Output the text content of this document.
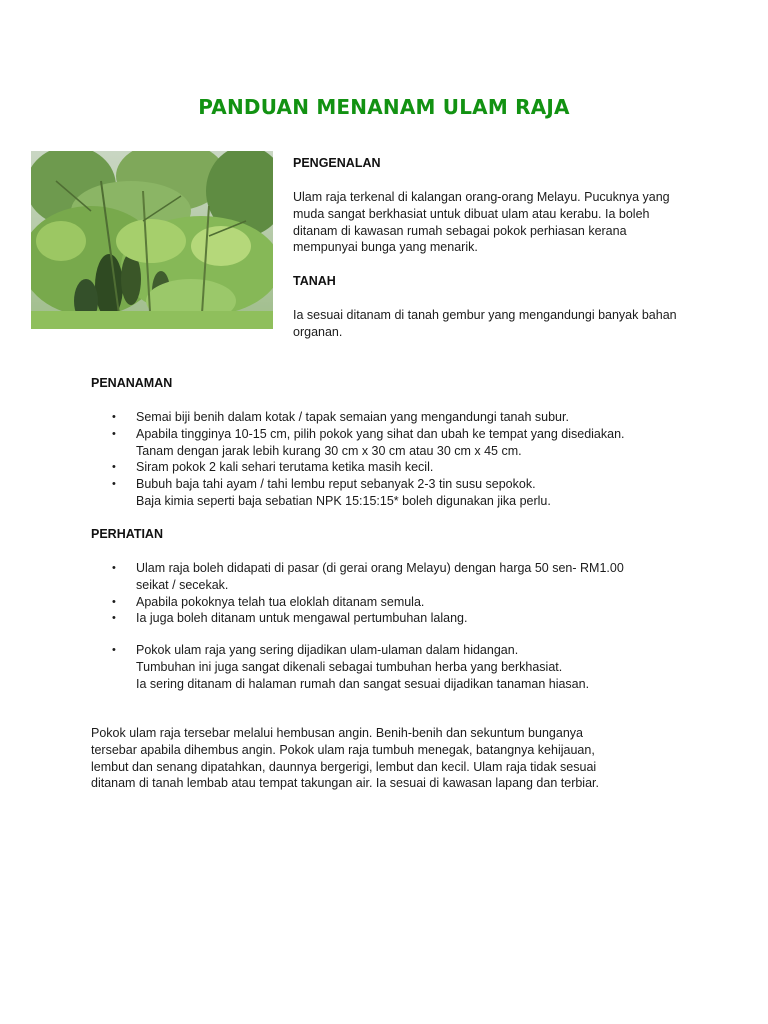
PANDUAN MENANAM ULAM RAJA

PENGENALAN

Ulam raja terkenal di kalangan orang-orang Melayu. Pucuknya yang
muda sangat berkhasiat untuk dibuat ulam atau kerabu. Ia boleh
ditanam di kawasan rumah sebagai pokok perhiasan kerana
mempunyai bunga yang menarik.

TANAH

Ia sesuai ditanam di tanah gembur yang mengandungi banyak bahan
organan.

PENANAMAN

• Semai biji benih dalam kotak / tapak semaian yang mengandungi tanah subur.
• Apabila tingginya 10-15 cm, pilih pokok yang sihat dan ubah ke tempat yang disediakan.
Tanam dengan jarak lebih kurang 30 cm x 30 cm atau 30 cm x 45 cm.
• Siram pokok 2 kali sehari terutama ketika masih kecil.
• Bubuh baja tahi ayam / tahi lembu reput sebanyak 2-3 tin susu sepokok.
Baja kimia seperti baja sebatian NPK 15:15:15* boleh digunakan jika perlu.

PERHATIAN

• Ulam raja boleh didapati di pasar (di gerai orang Melayu) dengan harga 50 sen- RM1.00
seikat / secekak.
• Apabila pokoknya telah tua eloklah ditanam semula.
• Ia juga boleh ditanam untuk mengawal pertumbuhan lalang.
• Pokok ulam raja yang sering dijadikan ulam-ulaman dalam hidangan.
Tumbuhan ini juga sangat dikenali sebagai tumbuhan herba yang berkhasiat.
Ia sering ditanam di halaman rumah dan sangat sesuai dijadikan tanaman hiasan.

Pokok ulam raja tersebar melalui hembusan angin. Benih-benih dan sekuntum bunganya
tersebar apabila dihembus angin. Pokok ulam raja tumbuh menegak, batangnya kehijauan,
lembut dan senang dipatahkan, daunnya bergerigi, lembut dan kecil. Ulam raja tidak sesuai
ditanam di tanah lembab atau tempat takungan air. Ia sesuai di kawasan lapang dan terbiar.
